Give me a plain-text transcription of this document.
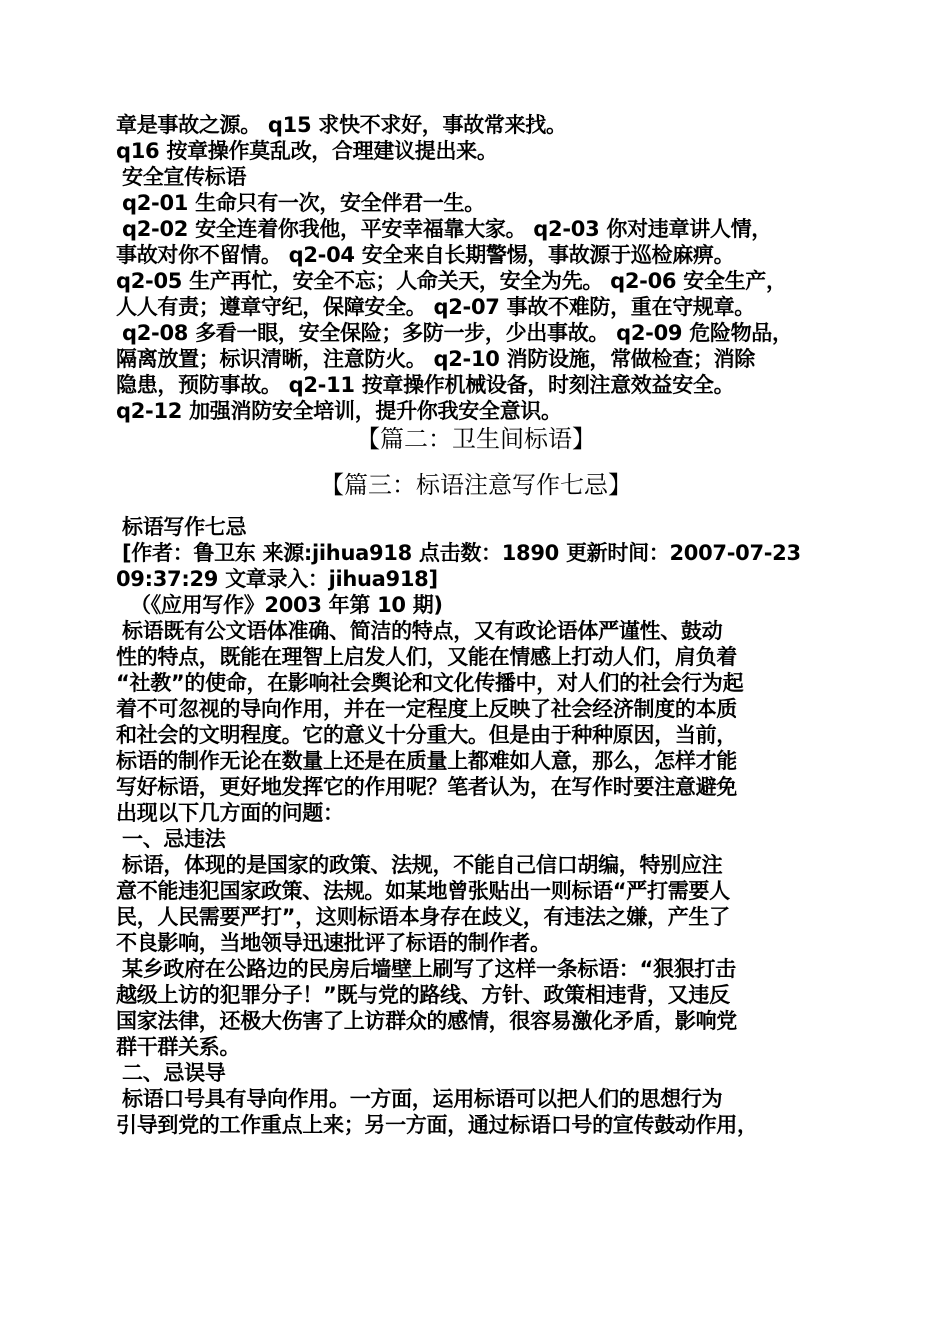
章是事故之源。 q15 求快不求好，事故常来找。

q16 按章操作莫乱改，合理建议提出来。

安全宣传标语

q2-01 生命只有一次，安全伴君一生。

q2-02 安全连着你我他，平安幸福靠大家。 q2-03 你对违章讲人情，

事故对你不留情。 q2-04 安全来自长期警惕，事故源于巡检麻痹。

q2-05 生产再忙，安全不忘；人命关天，安全为先。 q2-06 安全生产，

人人有责；遵章守纪，保障安全。 q2-07 事故不难防，重在守规章。

q2-08 多看一眼，安全保险；多防一步，少出事故。 q2-09 危险物品，

隔离放置；标识清晰，注意防火。 q2-10 消防设施，常做检查；消除

隐患，预防事故。 q2-11 按章操作机械设备，时刻注意效益安全。

q2-12 加强消防安全培训，提升你我安全意识。

【篇二：卫生间标语】

【篇三：标语注意写作七忌】

标语写作七忌

[作者：鲁卫东 来源:jihua918 点击数：1890 更新时间：2007-07-23

09:37:29 文章录入：jihua918]

（《应用写作》2003 年第 10 期)

标语既有公文语体准确、简洁的特点，又有政论语体严谨性、鼓动

性的特点，既能在理智上启发人们，又能在情感上打动人们，肩负着

“社教”的使命，在影响社会舆论和文化传播中，对人们的社会行为起

着不可忽视的导向作用，并在一定程度上反映了社会经济制度的本质

和社会的文明程度。它的意义十分重大。但是由于种种原因，当前，

标语的制作无论在数量上还是在质量上都难如人意，那么，怎样才能

写好标语，更好地发挥它的作用呢？笔者认为，在写作时要注意避免

出现以下几方面的问题：

一、忌违法

标语，体现的是国家的政策、法规，不能自己信口胡编，特别应注

意不能违犯国家政策、法规。如某地曾张贴出一则标语“严打需要人

民，人民需要严打”，这则标语本身存在歧义，有违法之嫌，产生了

不良影响，当地领导迅速批评了标语的制作者。

某乡政府在公路边的民房后墙壁上刷写了这样一条标语：“狠狠打击

越级上访的犯罪分子！”既与党的路线、方针、政策相违背，又违反

国家法律，还极大伤害了上访群众的感情，很容易激化矛盾，影响党

群干群关系。

二、忌误导

标语口号具有导向作用。一方面，运用标语可以把人们的思想行为

引导到党的工作重点上来；另一方面，通过标语口号的宣传鼓动作用，
